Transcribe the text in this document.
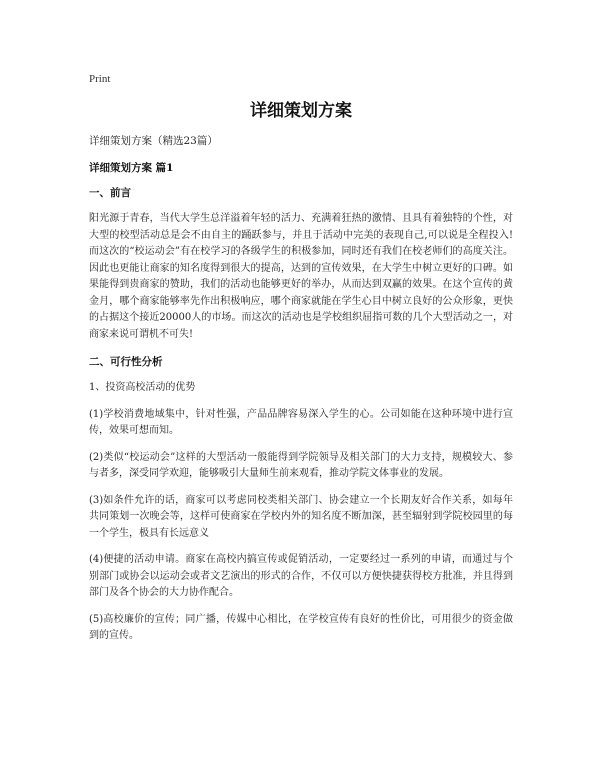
Print
详细策划方案
详细策划方案（精选23篇）
详细策划方案 篇1
一、前言

阳光源于青春，当代大学生总洋溢着年轻的活力、充满着狂热的激情、且具有着独特的个性，对大型的校型活动总是会不由自主的踊跃参与，并且于活动中完美的表现自己,可以说是全程投入!而这次的“校运动会”有在校学习的各级学生的积极参加，同时还有我们在校老师们的高度关注。因此也更能让商家的知名度得到很大的提高，达到的宣传效果，在大学生中树立更好的口碑。如果能得到贵商家的赞助，我们的活动也能够更好的举办，从而达到双赢的效果。在这个宣传的黄金月，哪个商家能够率先作出积极响应，哪个商家就能在学生心目中树立良好的公众形象，更快的占据这个接近20000人的市场。而这次的活动也是学校组织屈指可数的几个大型活动之一，对商家来说可谓机不可失!

二、可行性分析

1、投资高校活动的优势

(1)学校消费地域集中，针对性强，产品品牌容易深入学生的心。公司如能在这种环境中进行宣传，效果可想而知。

(2)类似“校运动会”这样的大型活动一般能得到学院领导及相关部门的大力支持，规模较大、参与者多，深受同学欢迎，能够吸引大量师生前来观看，推动学院文体事业的发展。

(3)如条件允许的话，商家可以考虑同校类相关部门、协会建立一个长期友好合作关系，如每年共同策划一次晚会等，这样可使商家在学校内外的知名度不断加深，甚至辐射到学院校园里的每一个学生，极具有长远意义

(4)便捷的活动申请。商家在高校内搞宣传或促销活动，一定要经过一系列的申请，而通过与个别部门或协会以运动会或者文艺演出的形式的合作，不仅可以方便快捷获得校方批准，并且得到部门及各个协会的大力协作配合。

(5)高校廉价的宣传；同广播，传媒中心相比，在学校宣传有良好的性价比，可用很少的资金做到的宣传。
